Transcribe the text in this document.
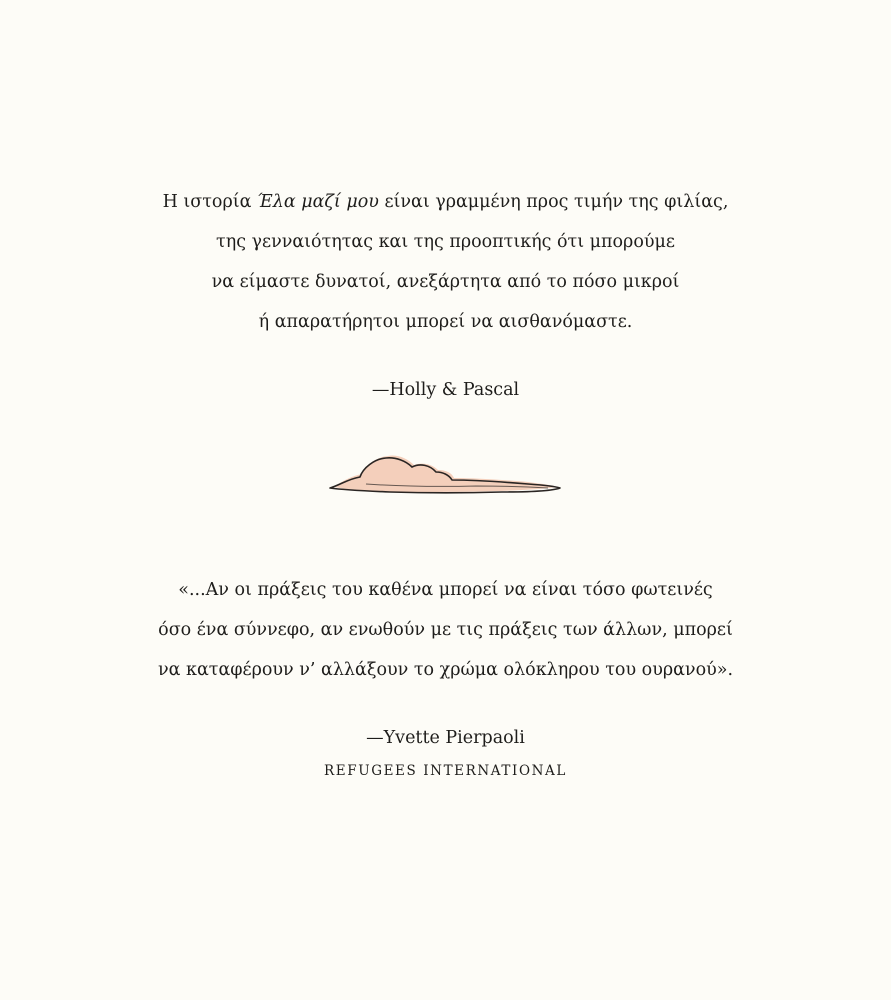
Η ιστορία Έλα μαζί μου είναι γραμμένη προς τιμήν της φιλίας,
της γενναιότητας και της προοπτικής ότι μπορούμε
να είμαστε δυνατοί, ανεξάρτητα από το πόσο μικροί
ή απαρατήρητοι μπορεί να αισθανόμαστε.
—Holly & Pascal
«...Αν οι πράξεις του καθένα μπορεί να είναι τόσο φωτεινές
όσο ένα σύννεφο, αν ενωθούν με τις πράξεις των άλλων, μπορεί
να καταφέρουν ν’ αλλάξουν το χρώμα ολόκληρου του ουρανού».
—Yvette Pierpaoli
REFUGEES INTERNATIONAL
